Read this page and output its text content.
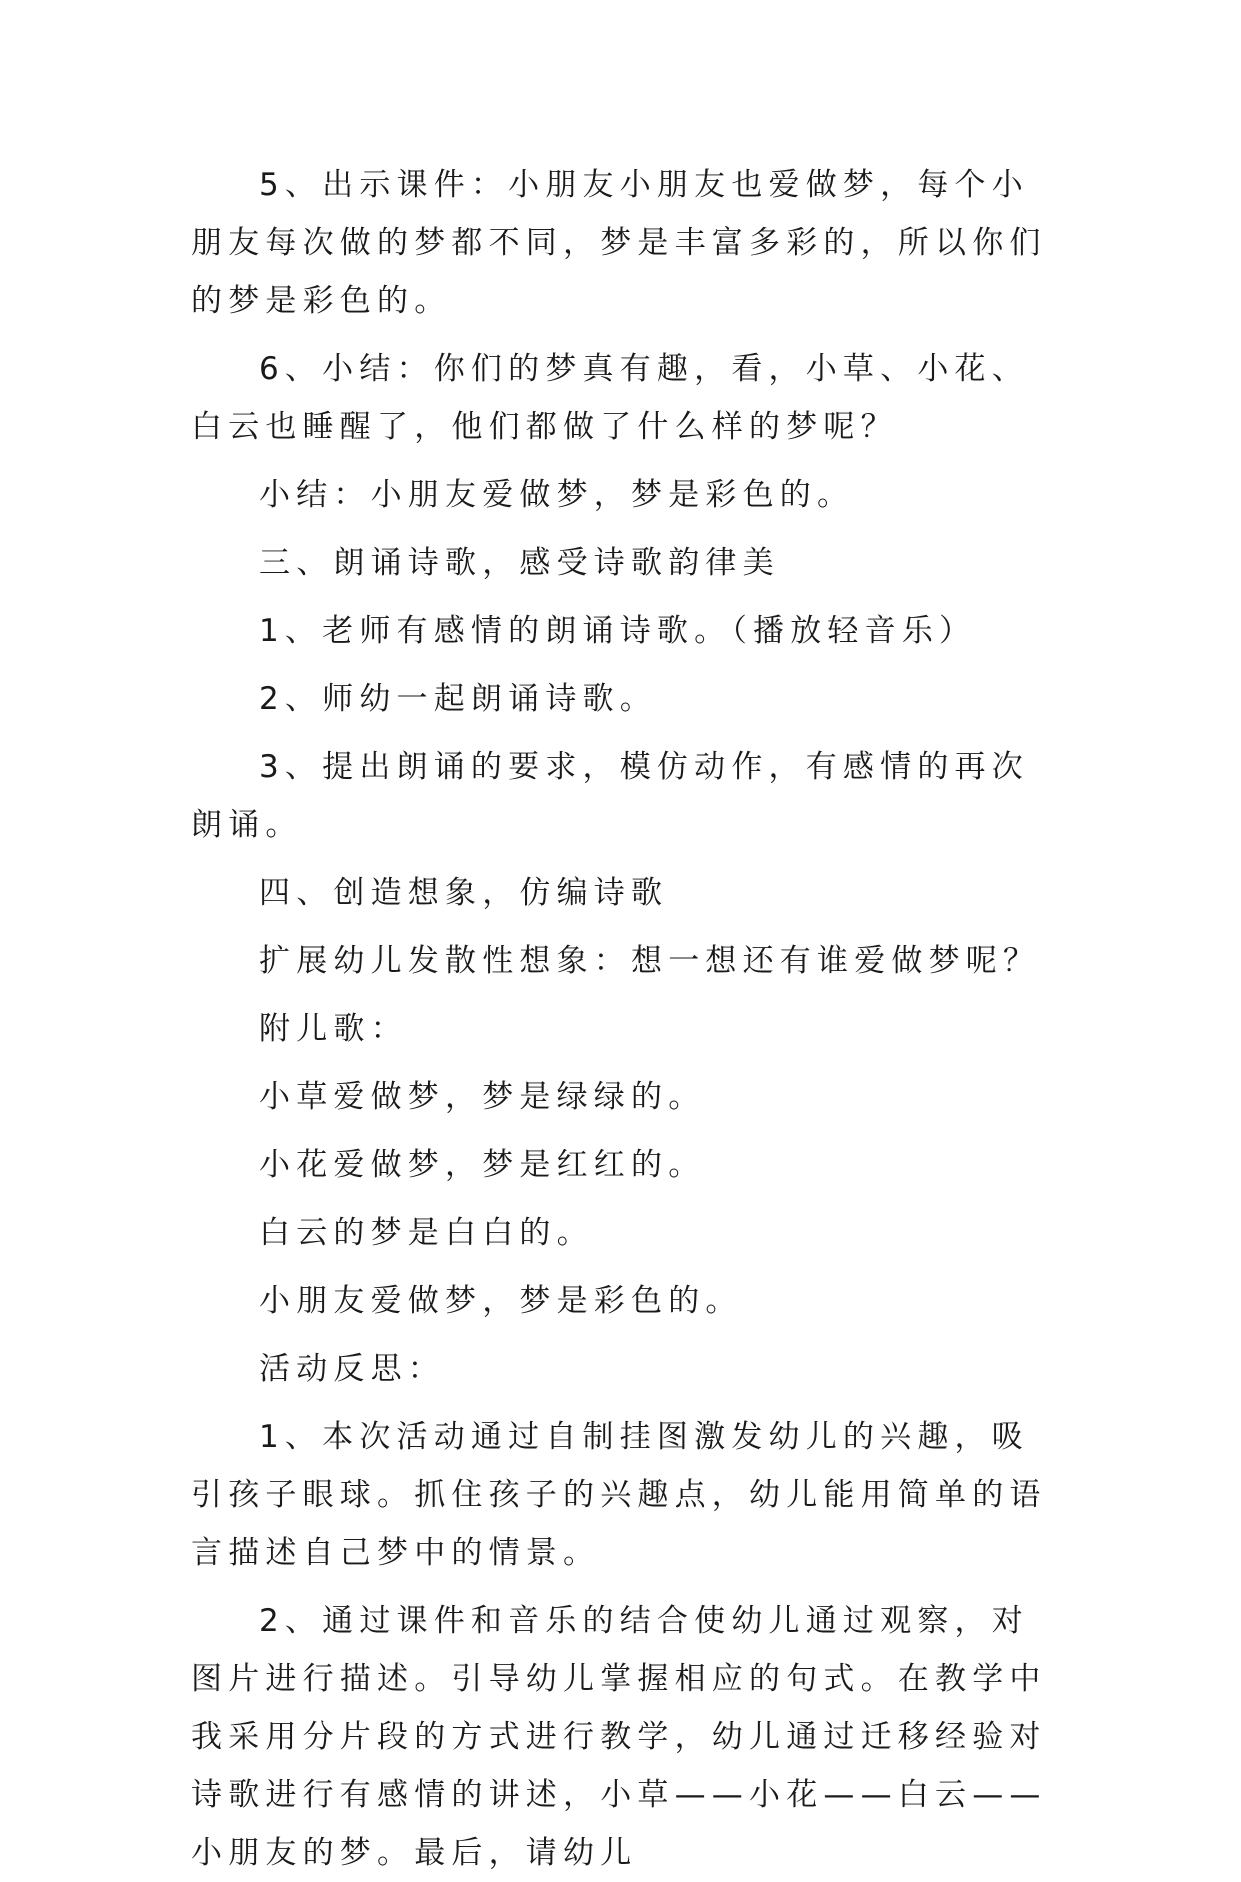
5、出示课件：小朋友小朋友也爱做梦，每个小朋友每次做的梦都不同，梦是丰富多彩的，所以你们的梦是彩色的。

6、小结：你们的梦真有趣，看，小草、小花、白云也睡醒了，他们都做了什么样的梦呢？

小结：小朋友爱做梦，梦是彩色的。

三、朗诵诗歌，感受诗歌韵律美

1、老师有感情的朗诵诗歌。（播放轻音乐）

2、师幼一起朗诵诗歌。

3、提出朗诵的要求，模仿动作，有感情的再次朗诵。

四、创造想象，仿编诗歌

扩展幼儿发散性想象：想一想还有谁爱做梦呢？

附儿歌：

小草爱做梦，梦是绿绿的。

小花爱做梦，梦是红红的。

白云的梦是白白的。

小朋友爱做梦，梦是彩色的。

活动反思：

1、本次活动通过自制挂图激发幼儿的兴趣，吸引孩子眼球。抓住孩子的兴趣点，幼儿能用简单的语言描述自己梦中的情景。

2、通过课件和音乐的结合使幼儿通过观察，对图片进行描述。引导幼儿掌握相应的句式。在教学中我采用分片段的方式进行教学，幼儿通过迁移经验对诗歌进行有感情的讲述，小草——小花——白云——小朋友的梦。最后，请幼儿
